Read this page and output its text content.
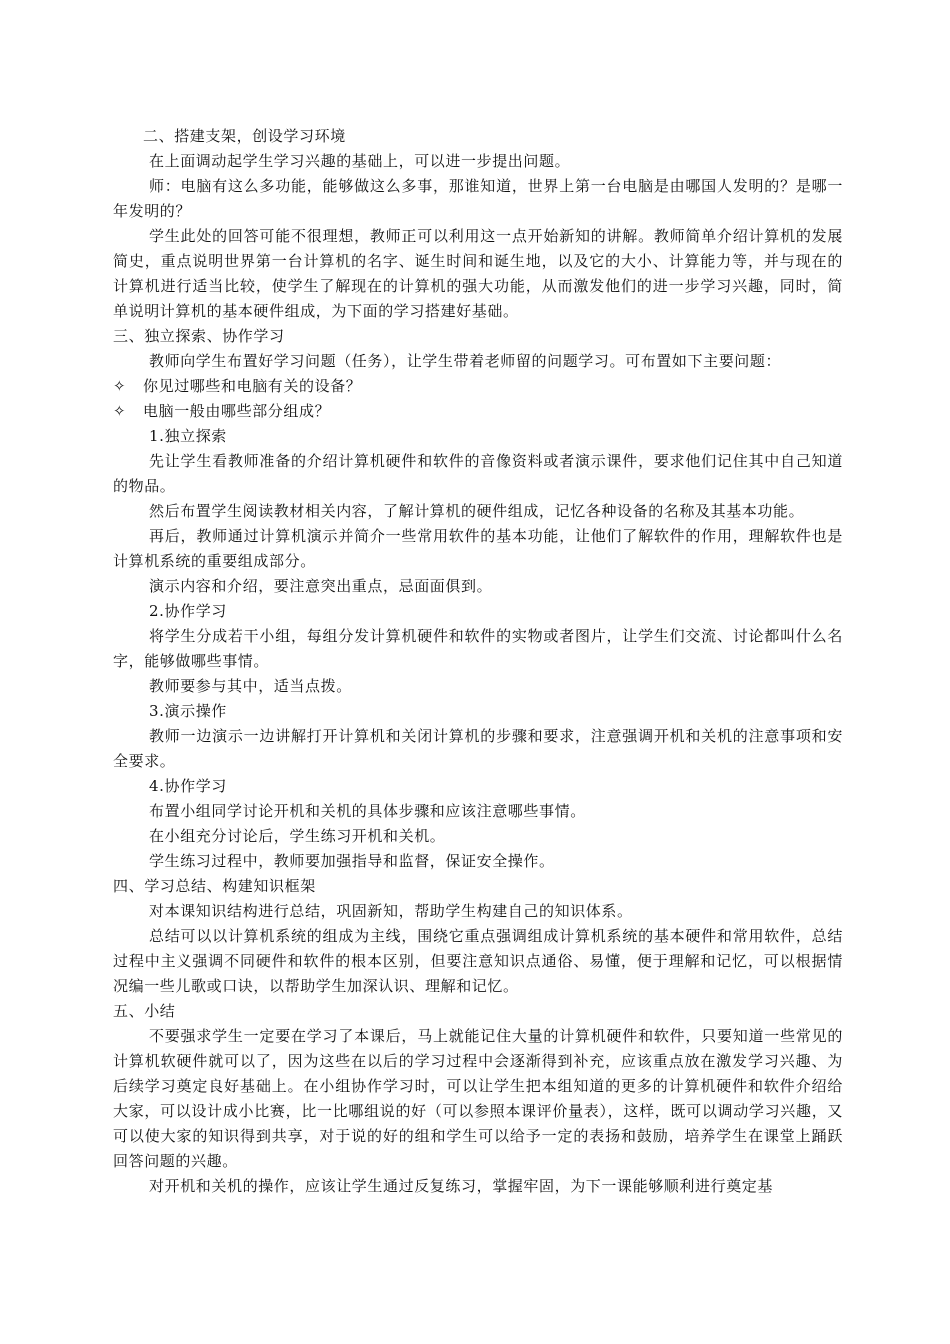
二、搭建支架，创设学习环境

在上面调动起学生学习兴趣的基础上，可以进一步提出问题。

师：电脑有这么多功能，能够做这么多事，那谁知道，世界上第一台电脑是由哪国人发明的？是哪一年发明的？

学生此处的回答可能不很理想，教师正可以利用这一点开始新知的讲解。教师简单介绍计算机的发展简史，重点说明世界第一台计算机的名字、诞生时间和诞生地，以及它的大小、计算能力等，并与现在的计算机进行适当比较，使学生了解现在的计算机的强大功能，从而激发他们的进一步学习兴趣，同时，简单说明计算机的基本硬件组成，为下面的学习搭建好基础。

三、独立探索、协作学习

教师向学生布置好学习问题（任务），让学生带着老师留的问题学习。可布置如下主要问题：

✧ 你见过哪些和电脑有关的设备？

✧ 电脑一般由哪些部分组成？

1.独立探索

先让学生看教师准备的介绍计算机硬件和软件的音像资料或者演示课件，要求他们记住其中自己知道的物品。

然后布置学生阅读教材相关内容，了解计算机的硬件组成，记忆各种设备的名称及其基本功能。

再后，教师通过计算机演示并简介一些常用软件的基本功能，让他们了解软件的作用，理解软件也是计算机系统的重要组成部分。

演示内容和介绍，要注意突出重点，忌面面俱到。

2.协作学习

将学生分成若干小组，每组分发计算机硬件和软件的实物或者图片，让学生们交流、讨论都叫什么名字，能够做哪些事情。

教师要参与其中，适当点拨。

3.演示操作

教师一边演示一边讲解打开计算机和关闭计算机的步骤和要求，注意强调开机和关机的注意事项和安全要求。

4.协作学习

布置小组同学讨论开机和关机的具体步骤和应该注意哪些事情。

在小组充分讨论后，学生练习开机和关机。

学生练习过程中，教师要加强指导和监督，保证安全操作。

四、学习总结、构建知识框架

对本课知识结构进行总结，巩固新知，帮助学生构建自己的知识体系。

总结可以以计算机系统的组成为主线，围绕它重点强调组成计算机系统的基本硬件和常用软件，总结过程中主义强调不同硬件和软件的根本区别，但要注意知识点通俗、易懂，便于理解和记忆，可以根据情况编一些儿歌或口诀，以帮助学生加深认识、理解和记忆。

五、小结

不要强求学生一定要在学习了本课后，马上就能记住大量的计算机硬件和软件，只要知道一些常见的计算机软硬件就可以了，因为这些在以后的学习过程中会逐渐得到补充，应该重点放在激发学习兴趣、为后续学习奠定良好基础上。在小组协作学习时，可以让学生把本组知道的更多的计算机硬件和软件介绍给大家，可以设计成小比赛，比一比哪组说的好（可以参照本课评价量表），这样，既可以调动学习兴趣，又可以使大家的知识得到共享，对于说的好的组和学生可以给予一定的表扬和鼓励，培养学生在课堂上踊跃回答问题的兴趣。

对开机和关机的操作，应该让学生通过反复练习，掌握牢固，为下一课能够顺利进行奠定基
